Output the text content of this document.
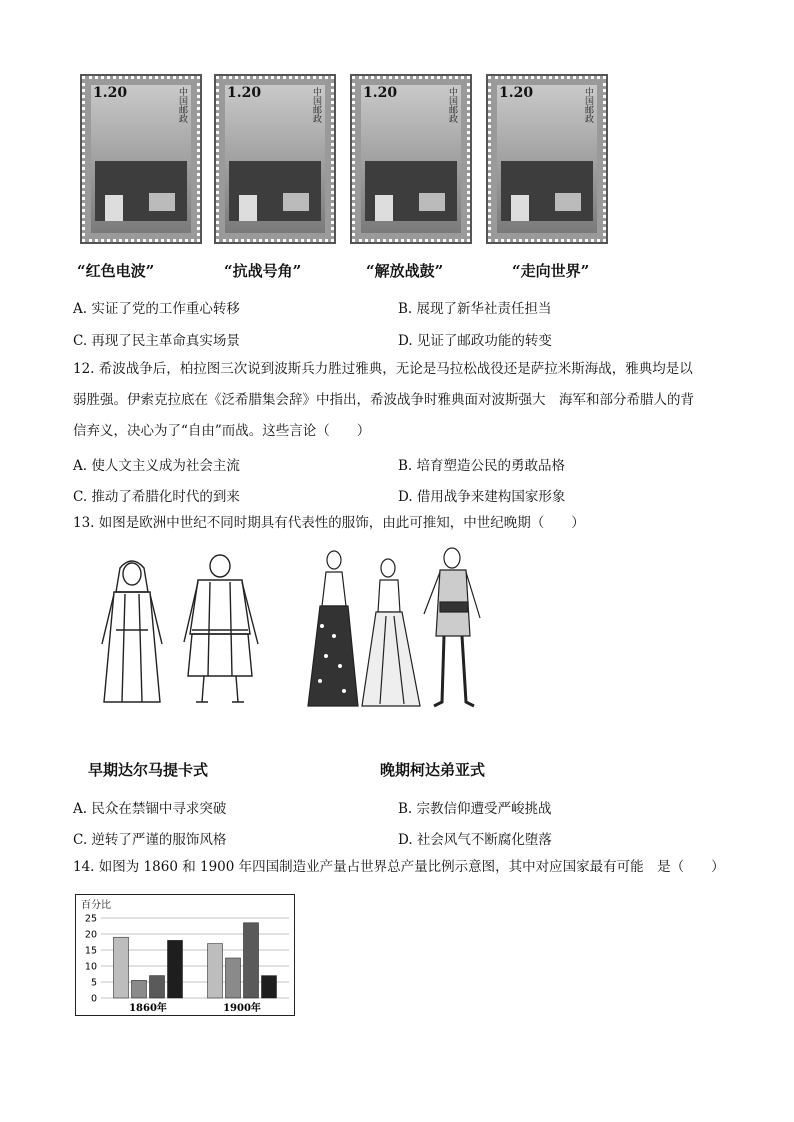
1.20	中国邮政	1.20	中国邮政	1.20	中国邮政	1.20	中国邮政
“红色电波”	“抗战号角”	“解放战鼓”	“走向世界”
A. 实证了党的工作重心转移	B. 展现了新华社责任担当
C. 再现了民主革命真实场景	D. 见证了邮政功能的转变
12. 希波战争后，柏拉图三次说到波斯兵力胜过雅典，无论是马拉松战役还是萨拉米斯海战，雅典均是以
弱胜强。伊索克拉底在《泛希腊集会辞》中指出，希波战争时雅典面对波斯强大　海军和部分希腊人的背
信弃义，决心为了“自由”而战。这些言论（　　）
A. 使人文主义成为社会主流	B. 培育塑造公民的勇敢品格
C. 推动了希腊化时代的到来	D. 借用战争来建构国家形象
13. 如图是欧洲中世纪不同时期具有代表性的服饰，由此可推知，中世纪晚期（　　）
早期达尔马提卡式	晚期柯达弟亚式
A. 民众在禁锢中寻求突破	B. 宗教信仰遭受严峻挑战
C. 逆转了严谨的服饰风格	D. 社会风气不断腐化堕落
14. 如图为 1860 和 1900 年四国制造业产量占世界总产量比例示意图，其中对应国家最有可能　是（　　）
百分比
25
20
15
10
5
0
1860年	1900年
